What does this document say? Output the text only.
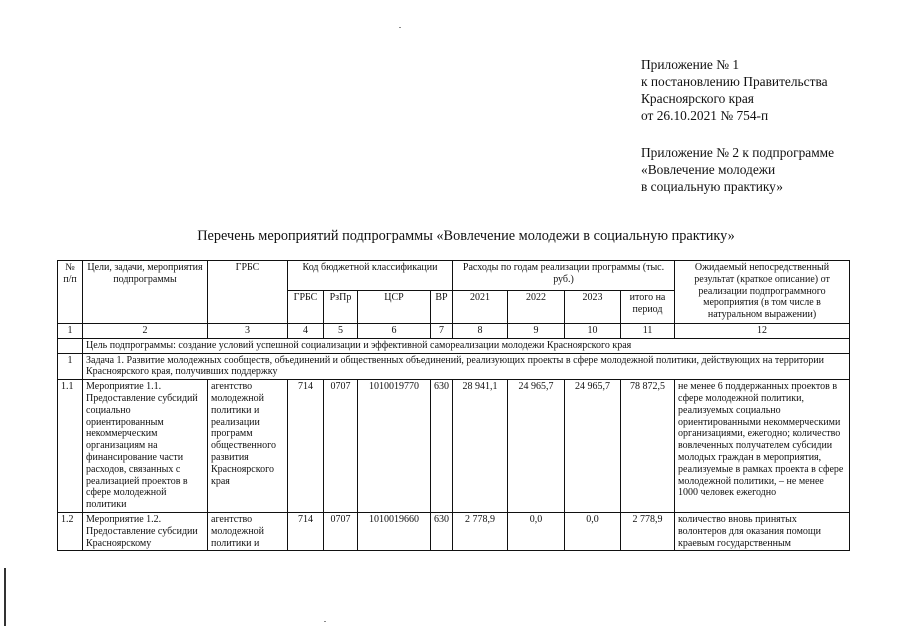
Приложение № 1
к постановлению Правительства
Красноярского края
от 26.10.2021 № 754-п
Приложение № 2 к подпрограмме
«Вовлечение молодежи
в социальную практику»
Перечень мероприятий подпрограммы «Вовлечение молодежи в социальную практику»
№ п/п	Цели, задачи, мероприятия подпрограммы	ГРБС	Код бюджетной классификации				Расходы по годам реализации программы (тыс. руб.)				Ожидаемый непосредственный результат (краткое описание) от реализации подпрограммного мероприятия (в том числе в натуральном выражении)
			ГРБС	РзПр	ЦСР	ВР	2021	2022	2023	итого на период	
1	2	3	4	5	6	7	8	9	10	11	12
	Цель подпрограммы: создание условий успешной социализации и эффективной самореализации молодежи Красноярского края										
1	Задача 1. Развитие молодежных сообществ, объединений и общественных объединений, реализующих проекты в сфере молодежной политики, действующих на территории Красноярского края, получивших поддержку										
1.1	Мероприятие 1.1. Предоставление субсидий социально ориентированным некоммерческим организациям на финансирование части расходов, связанных с реализацией проектов в сфере молодежной политики	агентство молодежной политики и реализации программ общественного развития Красноярского края	714	0707	1010019770	630	28 941,1	24 965,7	24 965,7	78 872,5	не менее 6 поддержанных проектов в сфере молодежной политики, реализуемых социально ориентированными некоммерческими организациями, ежегодно; количество вовлеченных получателем субсидии молодых граждан в мероприятия, реализуемые в рамках проекта в сфере молодежной политики, – не менее 1000 человек ежегодно
1.2	Мероприятие 1.2. Предоставление субсидии Красноярскому	агентство молодежной политики и	714	0707	1010019660	630	2 778,9	0,0	0,0	2 778,9	количество вновь принятых волонтеров для оказания помощи краевым государственным
